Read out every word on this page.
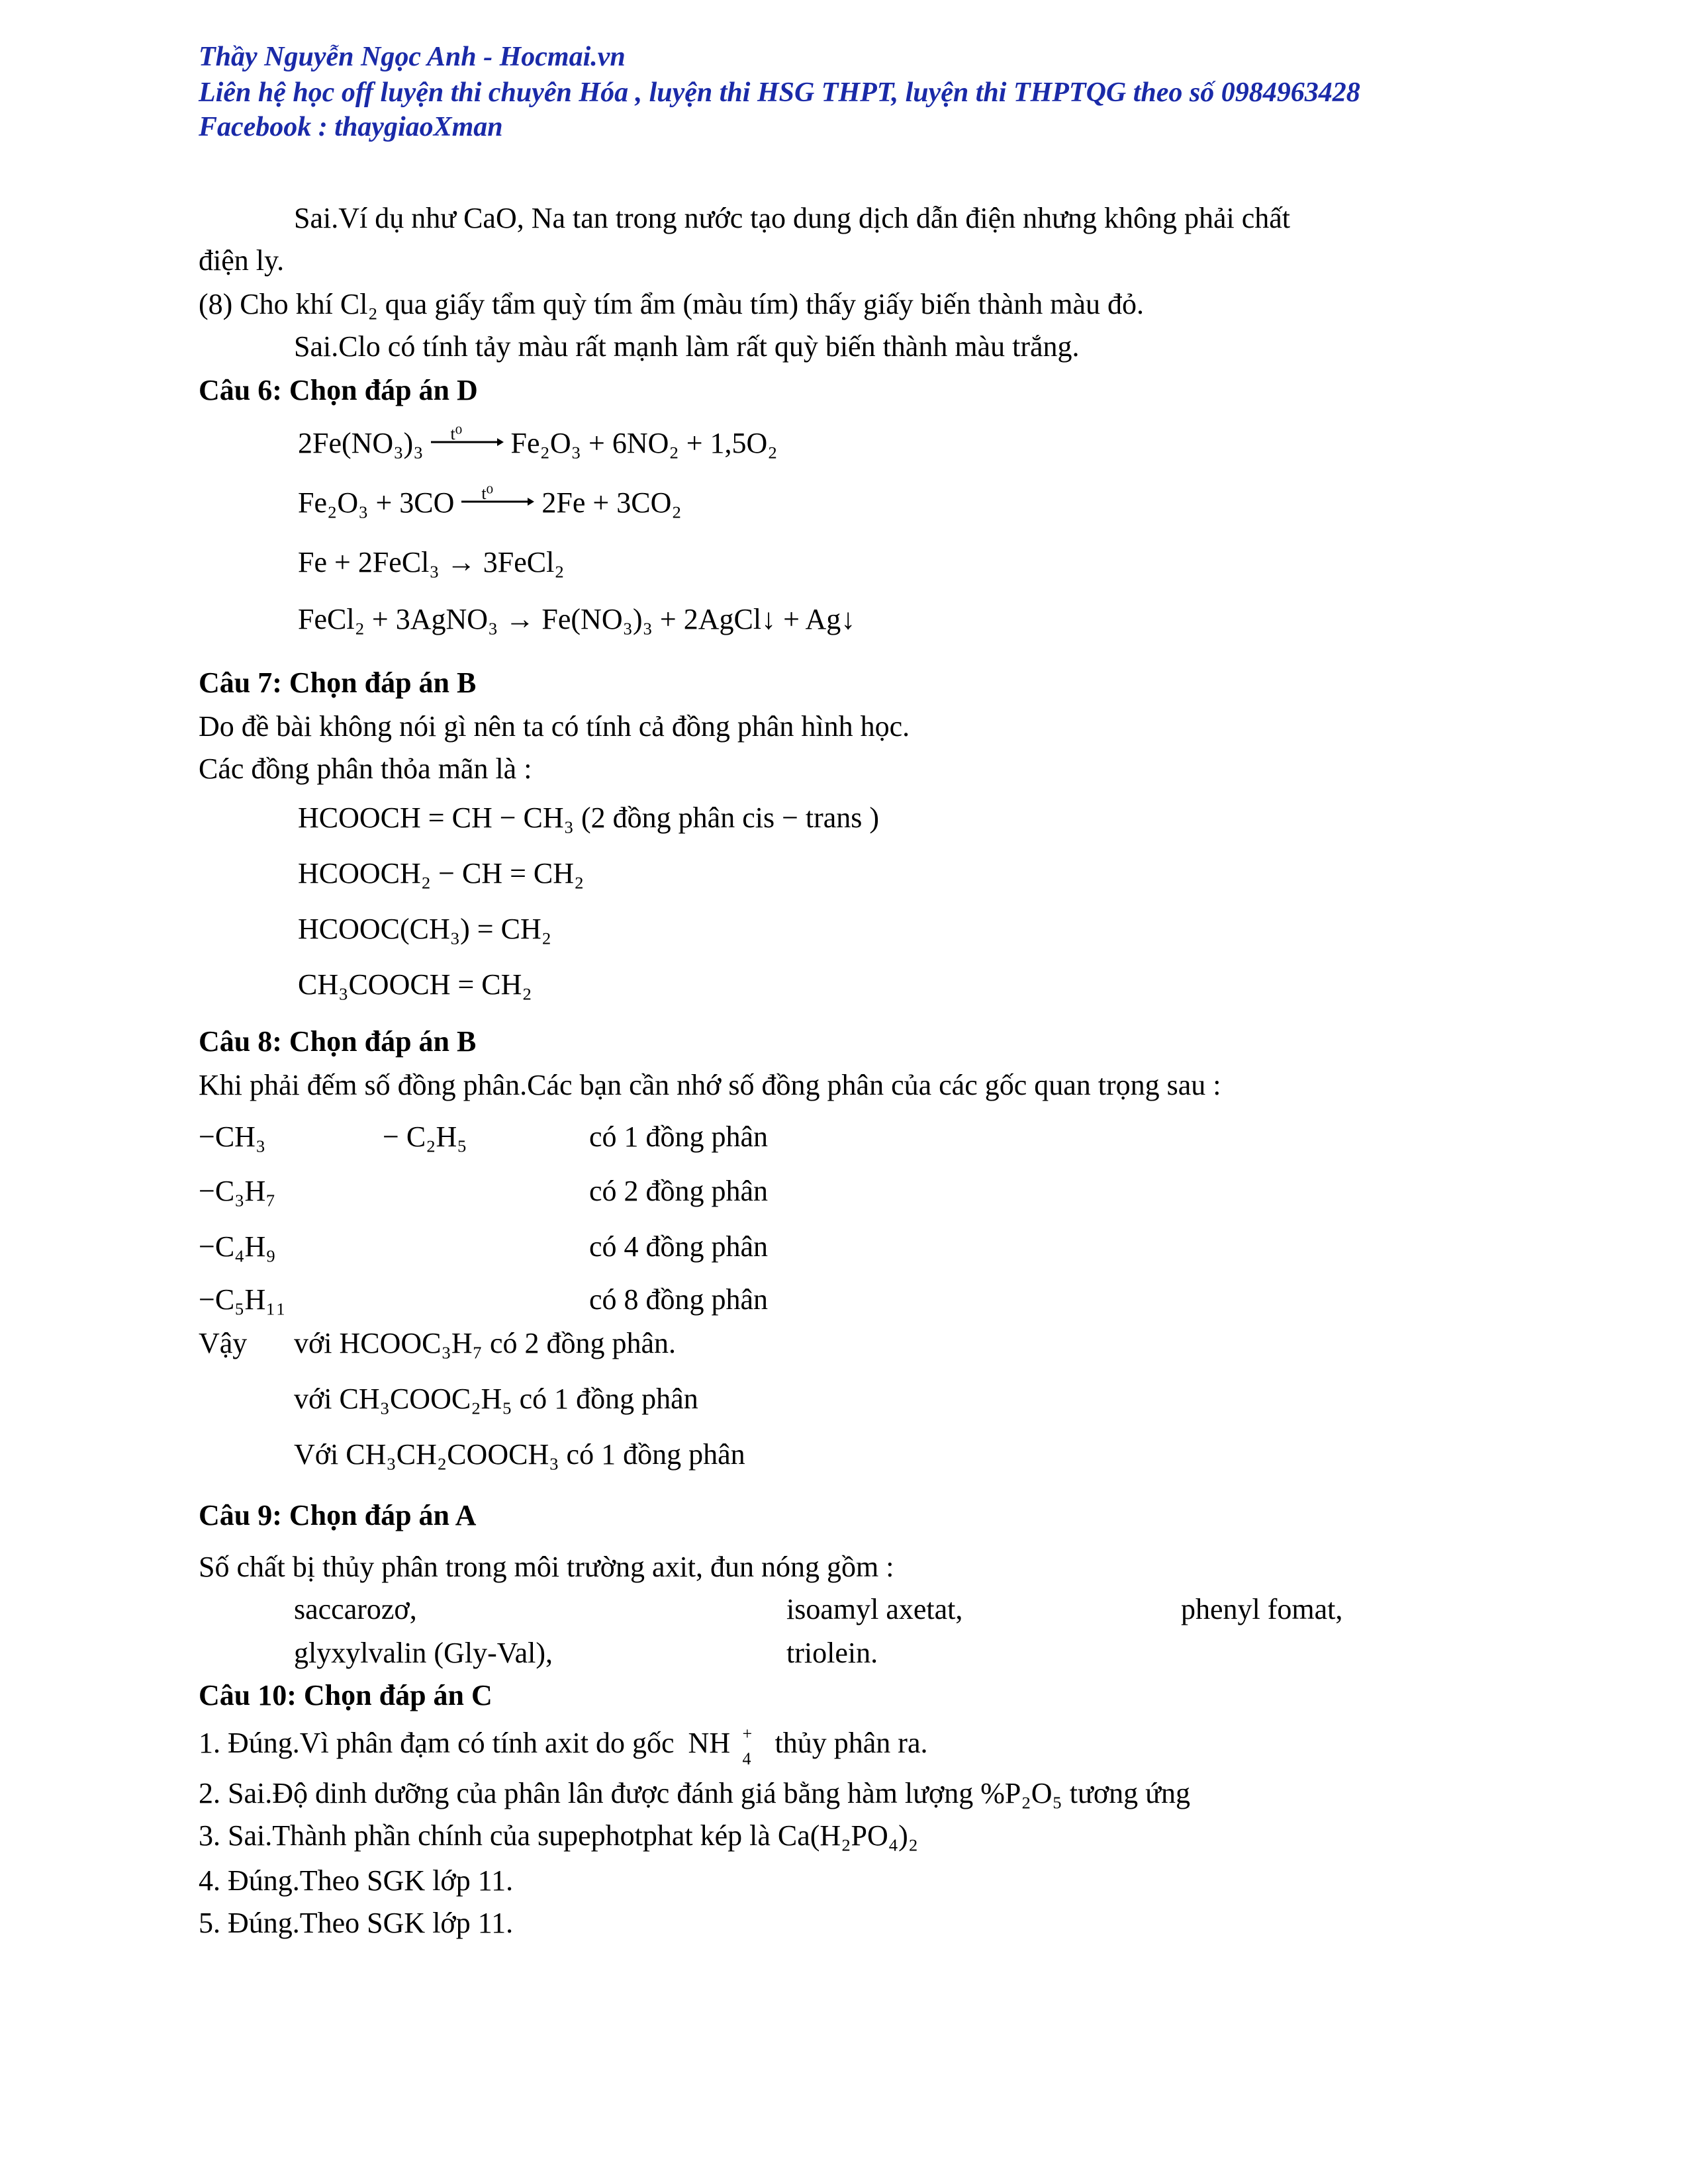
Thầy Nguyễn Ngọc Anh - Hocmai.vn

Liên hệ học off luyện thi chuyên Hóa , luyện thi HSG THPT, luyện thi THPTQG theo số 0984963428

Facebook : thaygiaoXman

Sai.Ví dụ như CaO, Na tan trong nước tạo dung dịch dẫn điện nhưng không phải chất

điện ly.

(8) Cho khí Cl₂ qua giấy tẩm quỳ tím ẩm (màu tím) thấy giấy biến thành màu đỏ.

Sai.Clo có tính tảy màu rất mạnh làm rất quỳ biến thành màu trắng.

Câu 6: Chọn đáp án D

2Fe(NO₃)₃ t⁰ Fe₂O₃ + 6NO₂ + 1,5O₂
Fe₂O₃ + 3CO t⁰ 2Fe + 3CO₂
Fe + 2FeCl₃ → 3FeCl₂
FeCl₂ + 3AgNO₃ → Fe(NO₃)₃ + 2AgCl↓ + Ag↓

Câu 7: Chọn đáp án B

Do đề bài không nói gì nên ta có tính cả đồng phân hình học.

Các đồng phân thỏa mãn là :

HCOOCH = CH − CH₃ (2 đồng phân cis − trans )
HCOOCH₂ − CH = CH₂
HCOOC(CH₃) = CH₂
CH₃COOCH = CH₂

Câu 8: Chọn đáp án B

Khi phải đếm số đồng phân.Các bạn cần nhớ số đồng phân của các gốc quan trọng sau :

−CH₃	− C₂H₅	có 1 đồng phân
−C₃H₇	có 2 đồng phân
−C₄H₉	có 4 đồng phân
−C₅H₁₁	có 8 đồng phân
Vậy với HCOOC₃H₇ có 2 đồng phân.
với CH₃COOC₂H₅ có 1 đồng phân
Với CH₃CH₂COOCH₃ có 1 đồng phân

Câu 9: Chọn đáp án A

Số chất bị thủy phân trong môi trường axit, đun nóng gồm :

saccarozơ,	isoamyl axetat,	phenyl fomat,
glyxylvalin (Gly-Val),	triolein.

Câu 10: Chọn đáp án C

1. Đúng.Vì phân đạm có tính axit do gốc NH +
4 thủy phân ra.

2. Sai.Độ dinh dưỡng của phân lân được đánh giá bằng hàm lượng %P₂O₅ tương ứng

3. Sai.Thành phần chính của supephotphat kép là Ca(H₂PO₄)₂

4. Đúng.Theo SGK lớp 11.

5. Đúng.Theo SGK lớp 11.
